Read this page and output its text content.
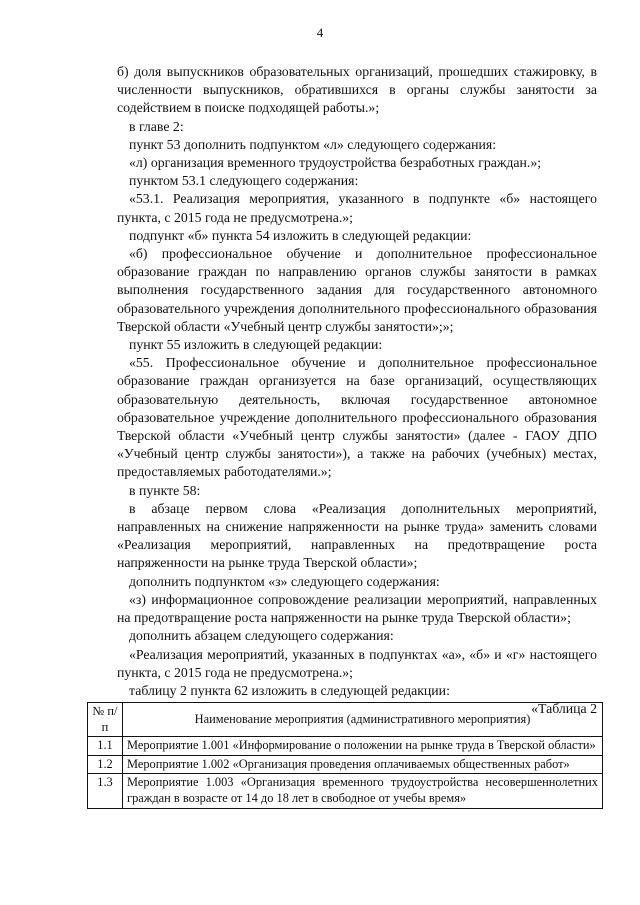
4

б) доля выпускников образовательных организаций, прошедших стажировку, в численности выпускников, обратившихся в органы службы занятости за содействием в поиске подходящей работы.»;

в главе 2:

пункт 53 дополнить подпунктом «л» следующего содержания:

«л) организация временного трудоустройства безработных граждан.»;

пунктом 53.1 следующего содержания:

«53.1. Реализация мероприятия, указанного в подпункте «б» настоящего пункта, с 2015 года не предусмотрена.»;

подпункт «б» пункта 54 изложить в следующей редакции:

«б) профессиональное обучение и дополнительное профессиональное образование граждан по направлению органов службы занятости в рамках выполнения государственного задания для государственного автономного образовательного учреждения дополнительного профессионального образования Тверской области «Учебный центр службы занятости»;»;

пункт 55 изложить в следующей редакции:

«55. Профессиональное обучение и дополнительное профессиональное образование граждан организуется на базе организаций, осуществляющих образовательную деятельность, включая государственное автономное образовательное учреждение дополнительного профессионального образования Тверской области «Учебный центр службы занятости» (далее - ГАОУ ДПО «Учебный центр службы занятости»), а также на рабочих (учебных) местах, предоставляемых работодателями.»;

в пункте 58:

в абзаце первом слова «Реализация дополнительных мероприятий, направленных на снижение напряженности на рынке труда» заменить словами «Реализация мероприятий, направленных на предотвращение роста напряженности на рынке труда Тверской области»;

дополнить подпунктом «з» следующего содержания:

«з) информационное сопровождение реализации мероприятий, направленных на предотвращение роста напряженности на рынке труда Тверской области»;

дополнить абзацем следующего содержания:

«Реализация мероприятий, указанных в подпунктах «а», «б» и «г» настоящего пункта, с 2015 года не предусмотрена.»;

таблицу 2 пункта 62 изложить в следующей редакции:

«Таблица 2

№ п/п	Наименование мероприятия (административного мероприятия)
1.1	Мероприятие 1.001 «Информирование о положении на рынке труда в Тверской области»
1.2	Мероприятие 1.002 «Организация проведения оплачиваемых общественных работ»
1.3	Мероприятие 1.003 «Организация временного трудоустройства несовершеннолетних граждан в возрасте от 14 до 18 лет в свободное от учебы время»
